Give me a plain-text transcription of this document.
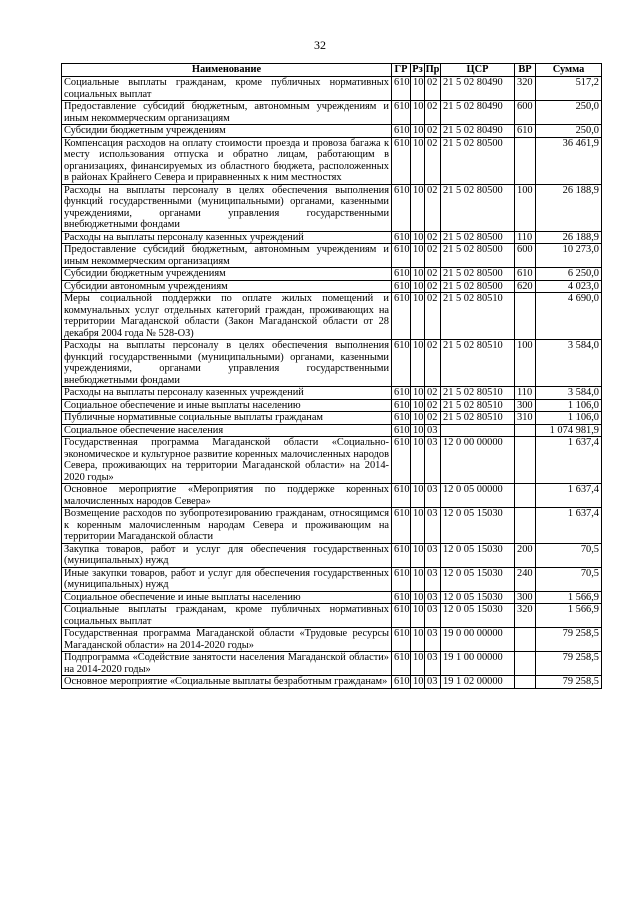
32
Наименование	ГР	Рз	Пр	ЦСР	ВР	Сумма
Социальные выплаты гражданам, кроме публичных нормативных социальных выплат	610	10	02	21 5 02 80490	320	517,2
Предоставление субсидий бюджетным, автономным учреждениям и иным некоммерческим организациям	610	10	02	21 5 02 80490	600	250,0
Субсидии бюджетным учреждениям	610	10	02	21 5 02 80490	610	250,0
Компенсация расходов на оплату стоимости проезда и провоза багажа к месту использования отпуска и обратно лицам, работающим в организациях, финансируемых из областного бюджета, расположенных в районах Крайнего Севера и приравненных к ним местностях	610	10	02	21 5 02 80500		36 461,9
Расходы на выплаты персоналу в целях обеспечения выполнения функций государственными (муниципальными) органами, казенными учреждениями, органами управления государственными внебюджетными фондами	610	10	02	21 5 02 80500	100	26 188,9
Расходы на выплаты персоналу казенных учреждений	610	10	02	21 5 02 80500	110	26 188,9
Предоставление субсидий бюджетным, автономным учреждениям и иным некоммерческим организациям	610	10	02	21 5 02 80500	600	10 273,0
Субсидии бюджетным учреждениям	610	10	02	21 5 02 80500	610	6 250,0
Субсидии автономным учреждениям	610	10	02	21 5 02 80500	620	4 023,0
Меры социальной поддержки по оплате жилых помещений и коммунальных услуг отдельных категорий граждан, проживающих на территории Магаданской области (Закон Магаданской области от 28 декабря 2004 года № 528-ОЗ)	610	10	02	21 5 02 80510		4 690,0
Расходы на выплаты персоналу в целях обеспечения выполнения функций государственными (муниципальными) органами, казенными учреждениями, органами управления государственными внебюджетными фондами	610	10	02	21 5 02 80510	100	3 584,0
Расходы на выплаты персоналу казенных учреждений	610	10	02	21 5 02 80510	110	3 584,0
Социальное обеспечение и иные выплаты населению	610	10	02	21 5 02 80510	300	1 106,0
Публичные нормативные социальные выплаты гражданам	610	10	02	21 5 02 80510	310	1 106,0
Социальное обеспечение населения	610	10	03			1 074 981,9
Государственная программа Магаданской области «Социально-экономическое и культурное развитие коренных малочисленных народов Севера, проживающих на территории Магаданской области» на 2014-2020 годы»	610	10	03	12 0 00 00000		1 637,4
Основное мероприятие «Мероприятия по поддержке коренных малочисленных народов Севера»	610	10	03	12 0 05 00000		1 637,4
Возмещение расходов по зубопротезированию гражданам, относящимся к коренным малочисленным народам Севера и проживающим на территории Магаданской области	610	10	03	12 0 05 15030		1 637,4
Закупка товаров, работ и услуг для обеспечения государственных (муниципальных) нужд	610	10	03	12 0 05 15030	200	70,5
Иные закупки товаров, работ и услуг для обеспечения государственных (муниципальных) нужд	610	10	03	12 0 05 15030	240	70,5
Социальное обеспечение и иные выплаты населению	610	10	03	12 0 05 15030	300	1 566,9
Социальные выплаты гражданам, кроме публичных нормативных социальных выплат	610	10	03	12 0 05 15030	320	1 566,9
Государственная программа Магаданской области «Трудовые ресурсы Магаданской области» на 2014-2020 годы»	610	10	03	19 0 00 00000		79 258,5
Подпрограмма «Содействие занятости населения Магаданской области» на 2014-2020 годы»	610	10	03	19 1 00 00000		79 258,5
Основное мероприятие «Социальные выплаты безработным гражданам»	610	10	03	19 1 02 00000		79 258,5
